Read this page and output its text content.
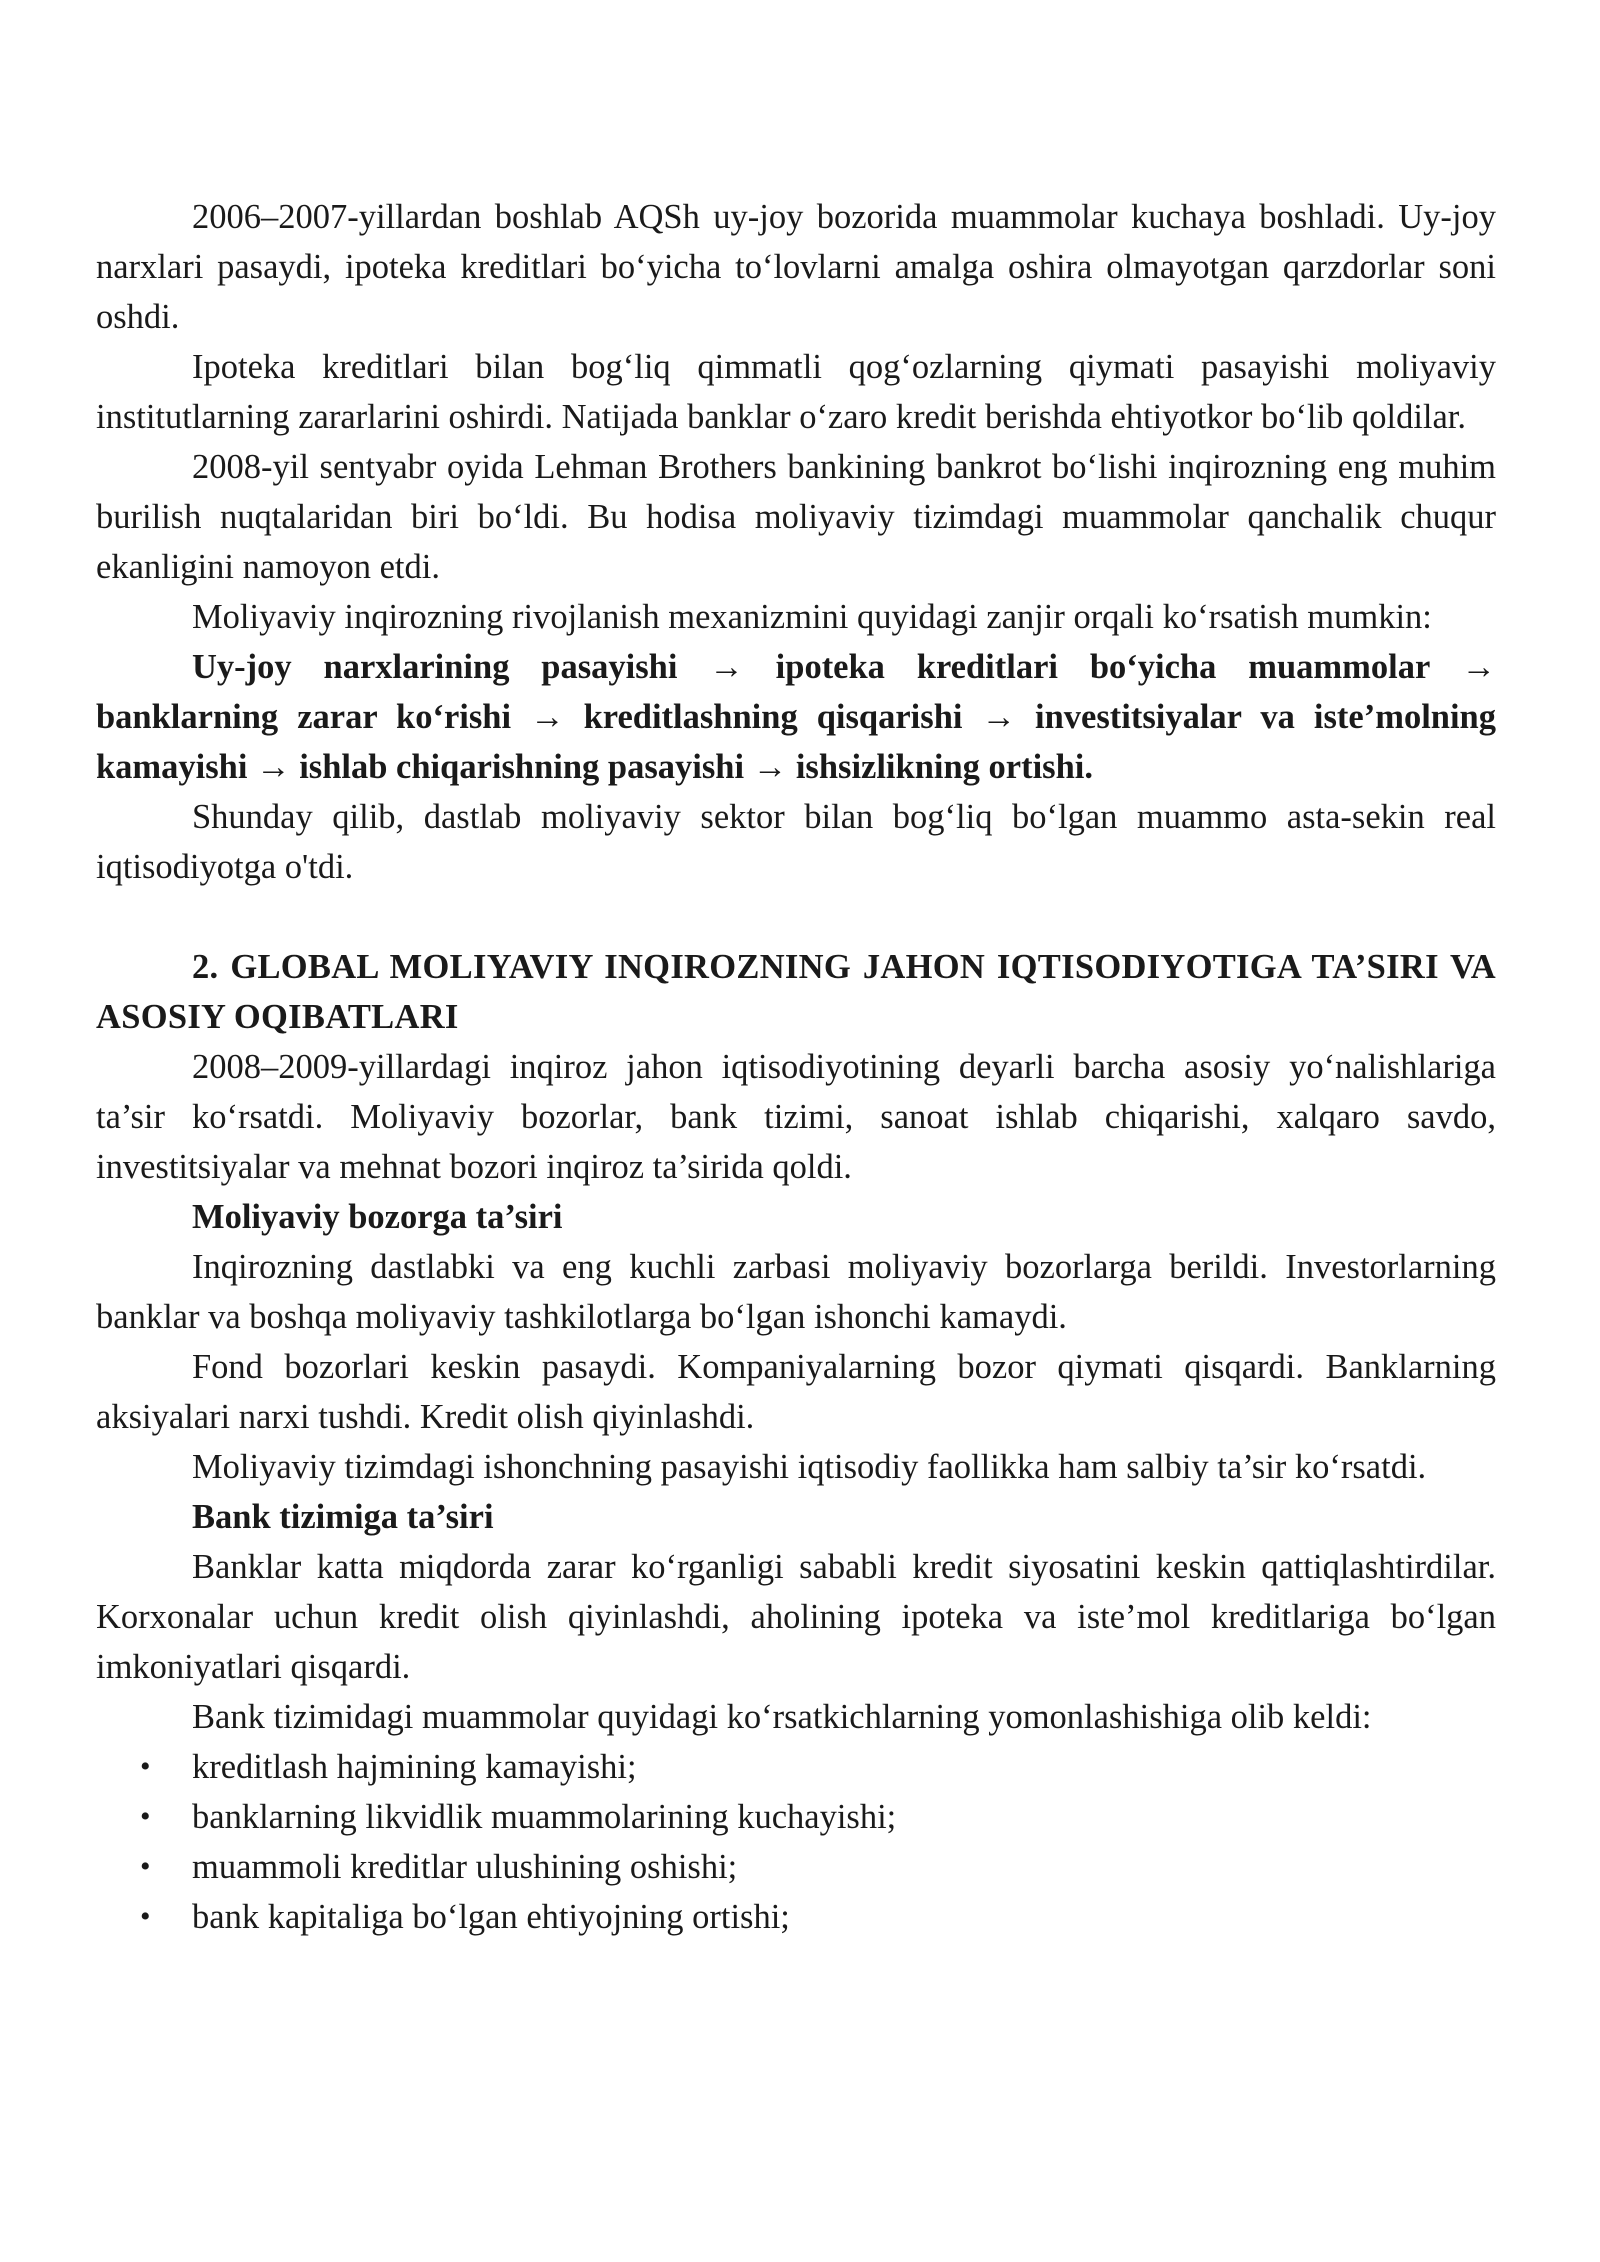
2006–2007-yillardan boshlab AQSh uy-joy bozorida muammolar kuchaya boshladi. Uy-joy narxlari pasaydi, ipoteka kreditlari bo‘yicha to‘lovlarni amalga oshira olmayotgan qarzdorlar soni oshdi.

Ipoteka kreditlari bilan bog‘liq qimmatli qog‘ozlarning qiymati pasayishi moliyaviy institutlarning zararlarini oshirdi. Natijada banklar o‘zaro kredit berishda ehtiyotkor bo‘lib qoldilar.

2008-yil sentyabr oyida Lehman Brothers bankining bankrot bo‘lishi inqirozning eng muhim burilish nuqtalaridan biri bo‘ldi. Bu hodisa moliyaviy tizimdagi muammolar qanchalik chuqur ekanligini namoyon etdi.

Moliyaviy inqirozning rivojlanish mexanizmini quyidagi zanjir orqali ko‘rsatish mumkin:

Uy-joy narxlarining pasayishi → ipoteka kreditlari bo‘yicha muammolar → banklarning zarar ko‘rishi → kreditlashning qisqarishi → investitsiyalar va iste’molning kamayishi → ishlab chiqarishning pasayishi → ishsizlikning ortishi.

Shunday qilib, dastlab moliyaviy sektor bilan bog‘liq bo‘lgan muammo asta-sekin real iqtisodiyotga o'tdi.

2. GLOBAL MOLIYAVIY INQIROZNING JAHON IQTISODIYOTIGA TA’SIRI VA ASOSIY OQIBATLARI

2008–2009-yillardagi inqiroz jahon iqtisodiyotining deyarli barcha asosiy yo‘nalishlariga ta’sir ko‘rsatdi. Moliyaviy bozorlar, bank tizimi, sanoat ishlab chiqarishi, xalqaro savdo, investitsiyalar va mehnat bozori inqiroz ta’sirida qoldi.

Moliyaviy bozorga ta’siri

Inqirozning dastlabki va eng kuchli zarbasi moliyaviy bozorlarga berildi. Investorlarning banklar va boshqa moliyaviy tashkilotlarga bo‘lgan ishonchi kamaydi.

Fond bozorlari keskin pasaydi. Kompaniyalarning bozor qiymati qisqardi. Banklarning aksiyalari narxi tushdi. Kredit olish qiyinlashdi.

Moliyaviy tizimdagi ishonchning pasayishi iqtisodiy faollikka ham salbiy ta’sir ko‘rsatdi.

Bank tizimiga ta’siri

Banklar katta miqdorda zarar ko‘rganligi sababli kredit siyosatini keskin qattiqlashtirdilar. Korxonalar uchun kredit olish qiyinlashdi, aholining ipoteka va iste’mol kreditlariga bo‘lgan imkoniyatlari qisqardi.

Bank tizimidagi muammolar quyidagi ko‘rsatkichlarning yomonlashishiga olib keldi:

• kreditlash hajmining kamayishi;
• banklarning likvidlik muammolarining kuchayishi;
• muammoli kreditlar ulushining oshishi;
• bank kapitaliga bo‘lgan ehtiyojning ortishi;
